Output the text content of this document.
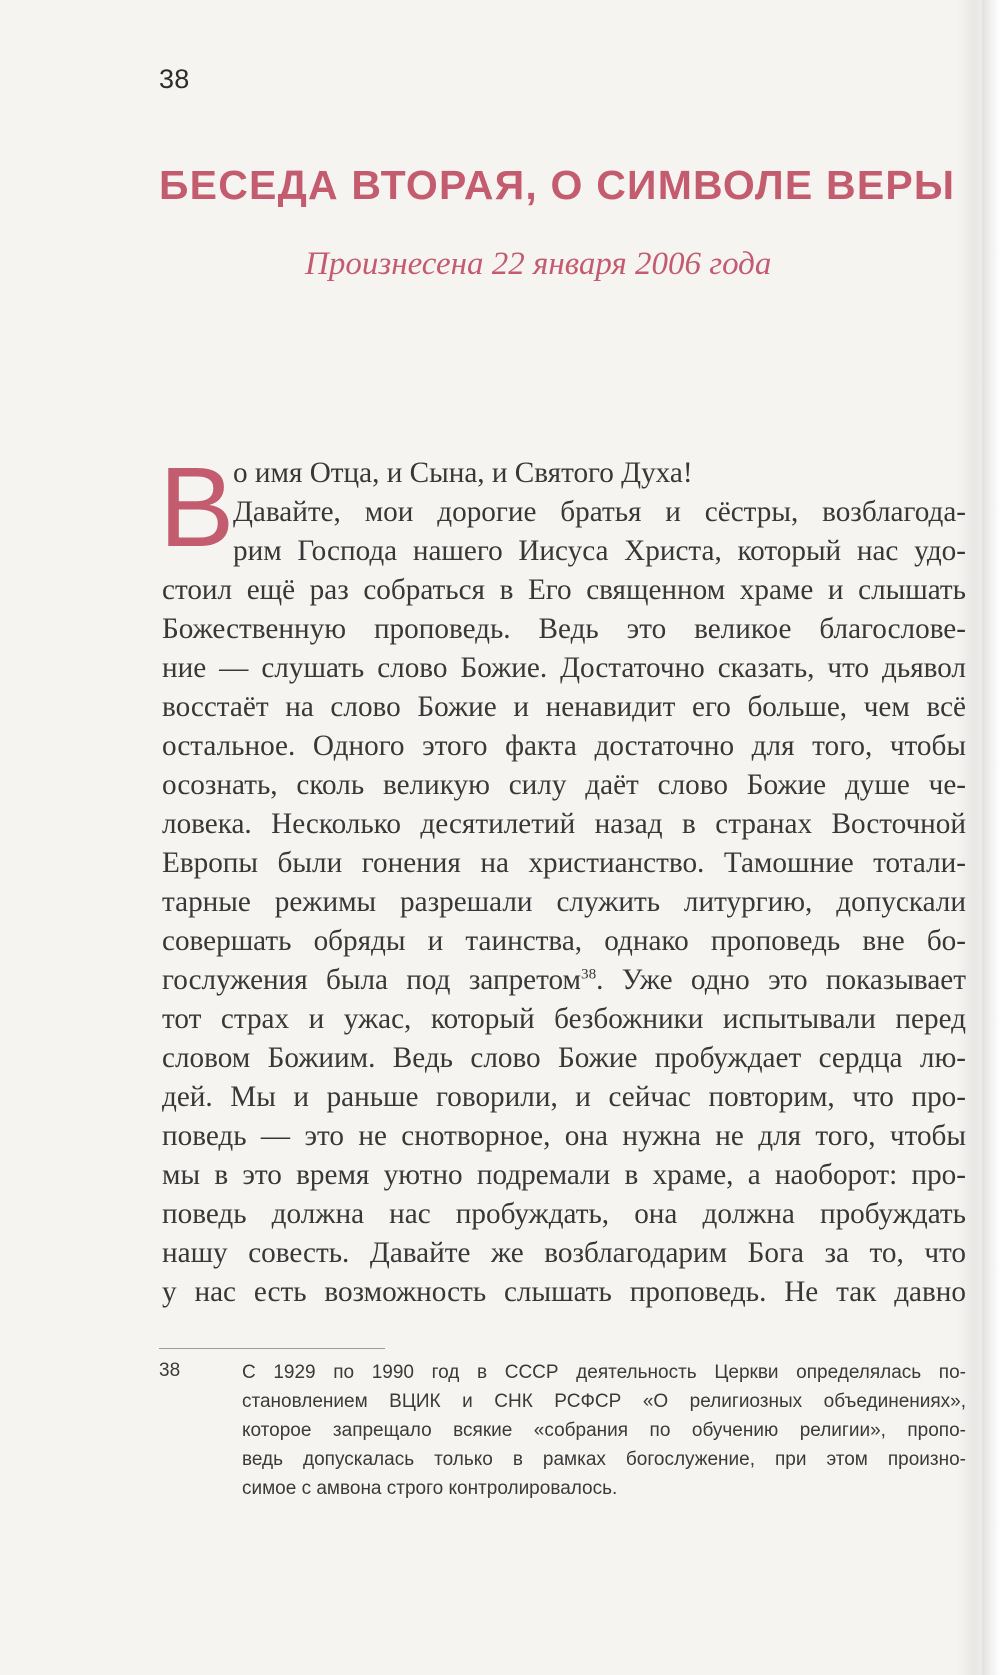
38
БЕСЕДА ВТОРАЯ, О СИМВОЛЕ ВЕРЫ
Произнесена 22 января 2006 года
В
о имя Отца, и Сына, и Святого Духа!
Давайте, мои дорогие братья и сёстры, возблагода-
рим Господа нашего Иисуса Христа, который нас удо-
стоил ещё раз собраться в Его священном храме и слышать
Божественную проповедь. Ведь это великое благослове-
ние — слушать слово Божие. Достаточно сказать, что дьявол
восстаёт на слово Божие и ненавидит его больше, чем всё
остальное. Одного этого факта достаточно для того, чтобы
осознать, сколь великую силу даёт слово Божие душе че-
ловека. Несколько десятилетий назад в странах Восточной
Европы были гонения на христианство. Тамошние тотали-
тарные режимы разрешали служить литургию, допускали
совершать обряды и таинства, однако проповедь вне бо-
гослужения была под запретом$^{38}$. Уже одно это показывает
тот страх и ужас, который безбожники испытывали перед
словом Божиим. Ведь слово Божие пробуждает сердца лю-
дей. Мы и раньше говорили, и сейчас повторим, что про-
поведь — это не снотворное, она нужна не для того, чтобы
мы в это время уютно подремали в храме, а наоборот: про-
поведь должна нас пробуждать, она должна пробуждать
нашу совесть. Давайте же возблагодарим Бога за то, что
у нас есть возможность слышать проповедь. Не так давно
38	С 1929 по 1990 год в СССР деятельность Церкви определялась по-
становлением ВЦИК и СНК РСФСР «О религиозных объединениях»,
которое запрещало всякие «собрания по обучению религии», пропо-
ведь допускалась только в рамках богослужение, при этом произно-
симое с амвона строго контролировалось.
